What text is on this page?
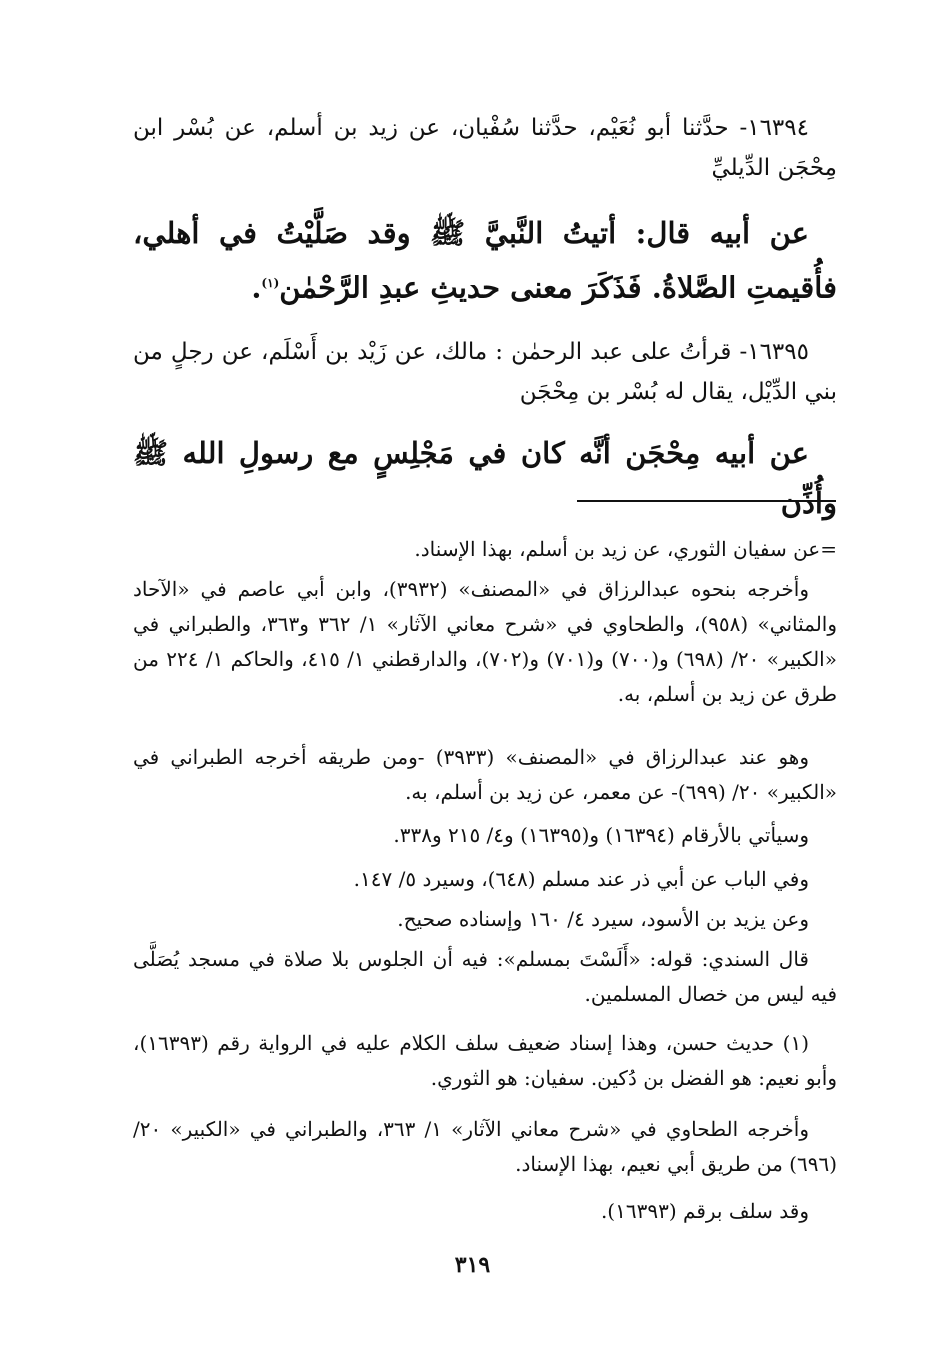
١٦٣٩٤- حدَّثنا أبو نُعَيْم، حدَّثنا سُفْيان، عن زيد بن أسلم، عن بُسْر ابن مِحْجَن الدِّيليِّ
عن أبيه قال: أتيتُ النَّبيَّ ﷺ وقد صَلَّيْتُ في أهلي، فأُقيمتِ الصَّلاةُ. فَذَكَرَ معنى حديثِ عبدِ الرَّحْمٰن$^{(١)}$.
١٦٣٩٥- قرأتُ على عبد الرحمٰن : مالك، عن زَيْد بن أَسْلَم، عن رجلٍ من بني الدِّيْل، يقال له بُسْر بن مِحْجَن
عن أبيه مِحْجَن أنَّه كان في مَجْلِسٍ مع رسولِ الله ﷺ وأُذِّن
=عن سفيان الثوري، عن زيد بن أسلم، بهذا الإسناد.
وأخرجه بنحوه عبدالرزاق في «المصنف» (٣٩٣٢)، وابن أبي عاصم في «الآحاد والمثاني» (٩٥٨)، والطحاوي في «شرح معاني الآثار» ١/ ٣٦٢ و٣٦٣، والطبراني في «الكبير» ٢٠/ (٦٩٨) و(٧٠٠) و(٧٠١) و(٧٠٢)، والدارقطني ١/ ٤١٥، والحاكم ١/ ٢٢٤ من طرق عن زيد بن أسلم، به.
وهو عند عبدالرزاق في «المصنف» (٣٩٣٣) -ومن طريقه أخرجه الطبراني في «الكبير» ٢٠/ (٦٩٩)- عن معمر، عن زيد بن أسلم، به.
وسيأتي بالأرقام (١٦٣٩٤) و(١٦٣٩٥) و٤/ ٢١٥ و٣٣٨.
وفي الباب عن أبي ذر عند مسلم (٦٤٨)، وسيرد ٥/ ١٤٧.
وعن يزيد بن الأسود، سيرد ٤/ ١٦٠ وإسناده صحيح.
قال السندي: قوله: «أَلَسْتَ بمسلم»: فيه أن الجلوس بلا صلاة في مسجد يُصَلَّى فيه ليس من خصال المسلمين.
(١) حديث حسن، وهذا إسناد ضعيف سلف الكلام عليه في الرواية رقم (١٦٣٩٣)، وأبو نعيم: هو الفضل بن دُكين. سفيان: هو الثوري.
وأخرجه الطحاوي في «شرح معاني الآثار» ١/ ٣٦٣، والطبراني في «الكبير» ٢٠/ (٦٩٦) من طريق أبي نعيم، بهذا الإسناد.
وقد سلف برقم (١٦٣٩٣).
٣١٩
